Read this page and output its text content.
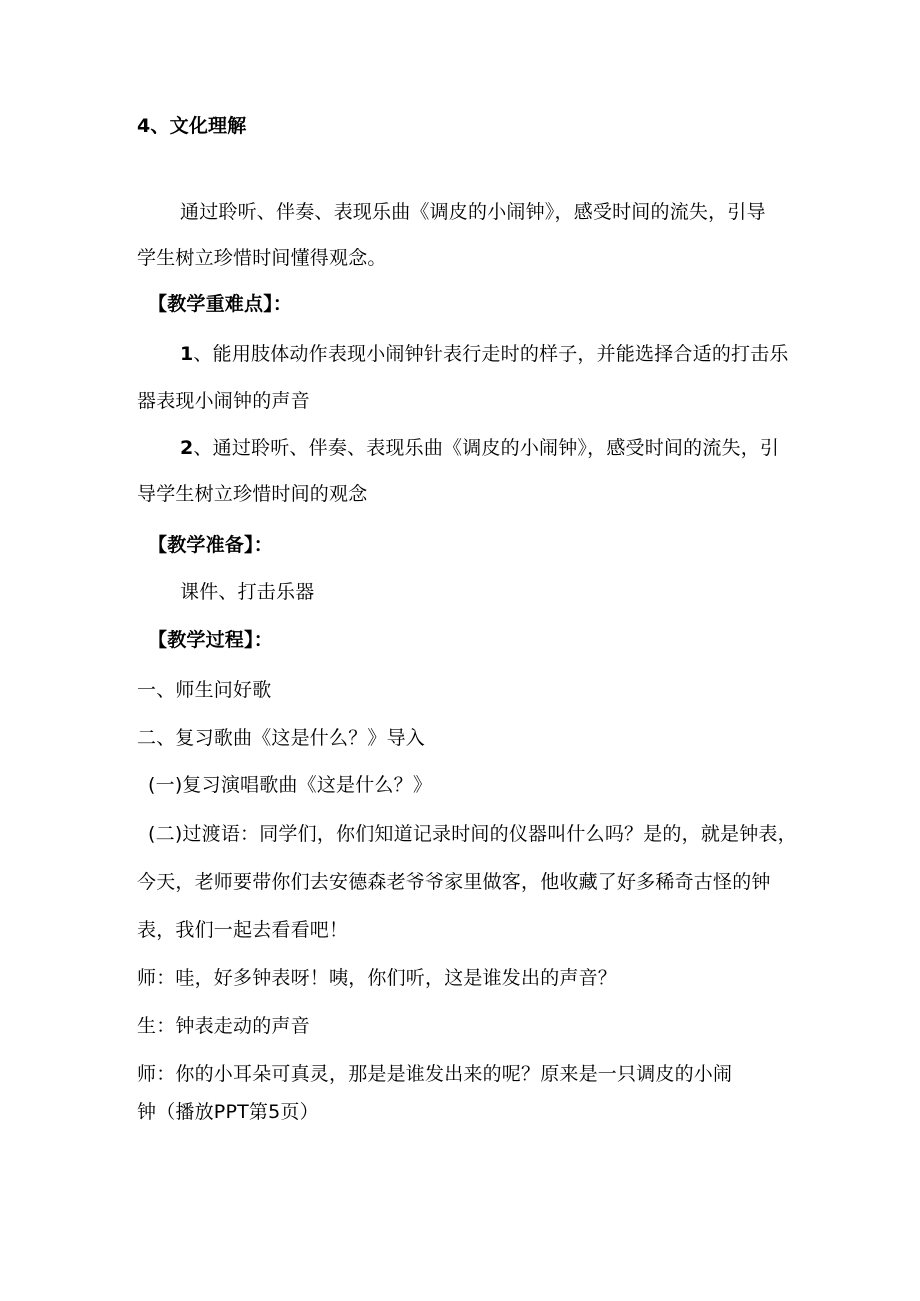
4、文化理解
通过聆听、伴奏、表现乐曲《调皮的小闹钟》，感受时间的流失，引导
学生树立珍惜时间懂得观念。
【教学重难点】：
1、能用肢体动作表现小闹钟针表行走时的样子，并能选择合适的打击乐
器表现小闹钟的声音
2、通过聆听、伴奏、表现乐曲《调皮的小闹钟》，感受时间的流失，引
导学生树立珍惜时间的观念
【教学准备】：
课件、打击乐器
【教学过程】：
一、师生问好歌
二、复习歌曲《这是什么？》导入
(一)复习演唱歌曲《这是什么？》
(二)过渡语：同学们，你们知道记录时间的仪器叫什么吗？是的，就是钟表，
今天，老师要带你们去安德森老爷爷家里做客，他收藏了好多稀奇古怪的钟
表，我们一起去看看吧！
师：哇，好多钟表呀！咦，你们听，这是谁发出的声音？
生：钟表走动的声音
师：你的小耳朵可真灵，那是是谁发出来的呢？原来是一只调皮的小闹
钟（播放PPT第5页）
